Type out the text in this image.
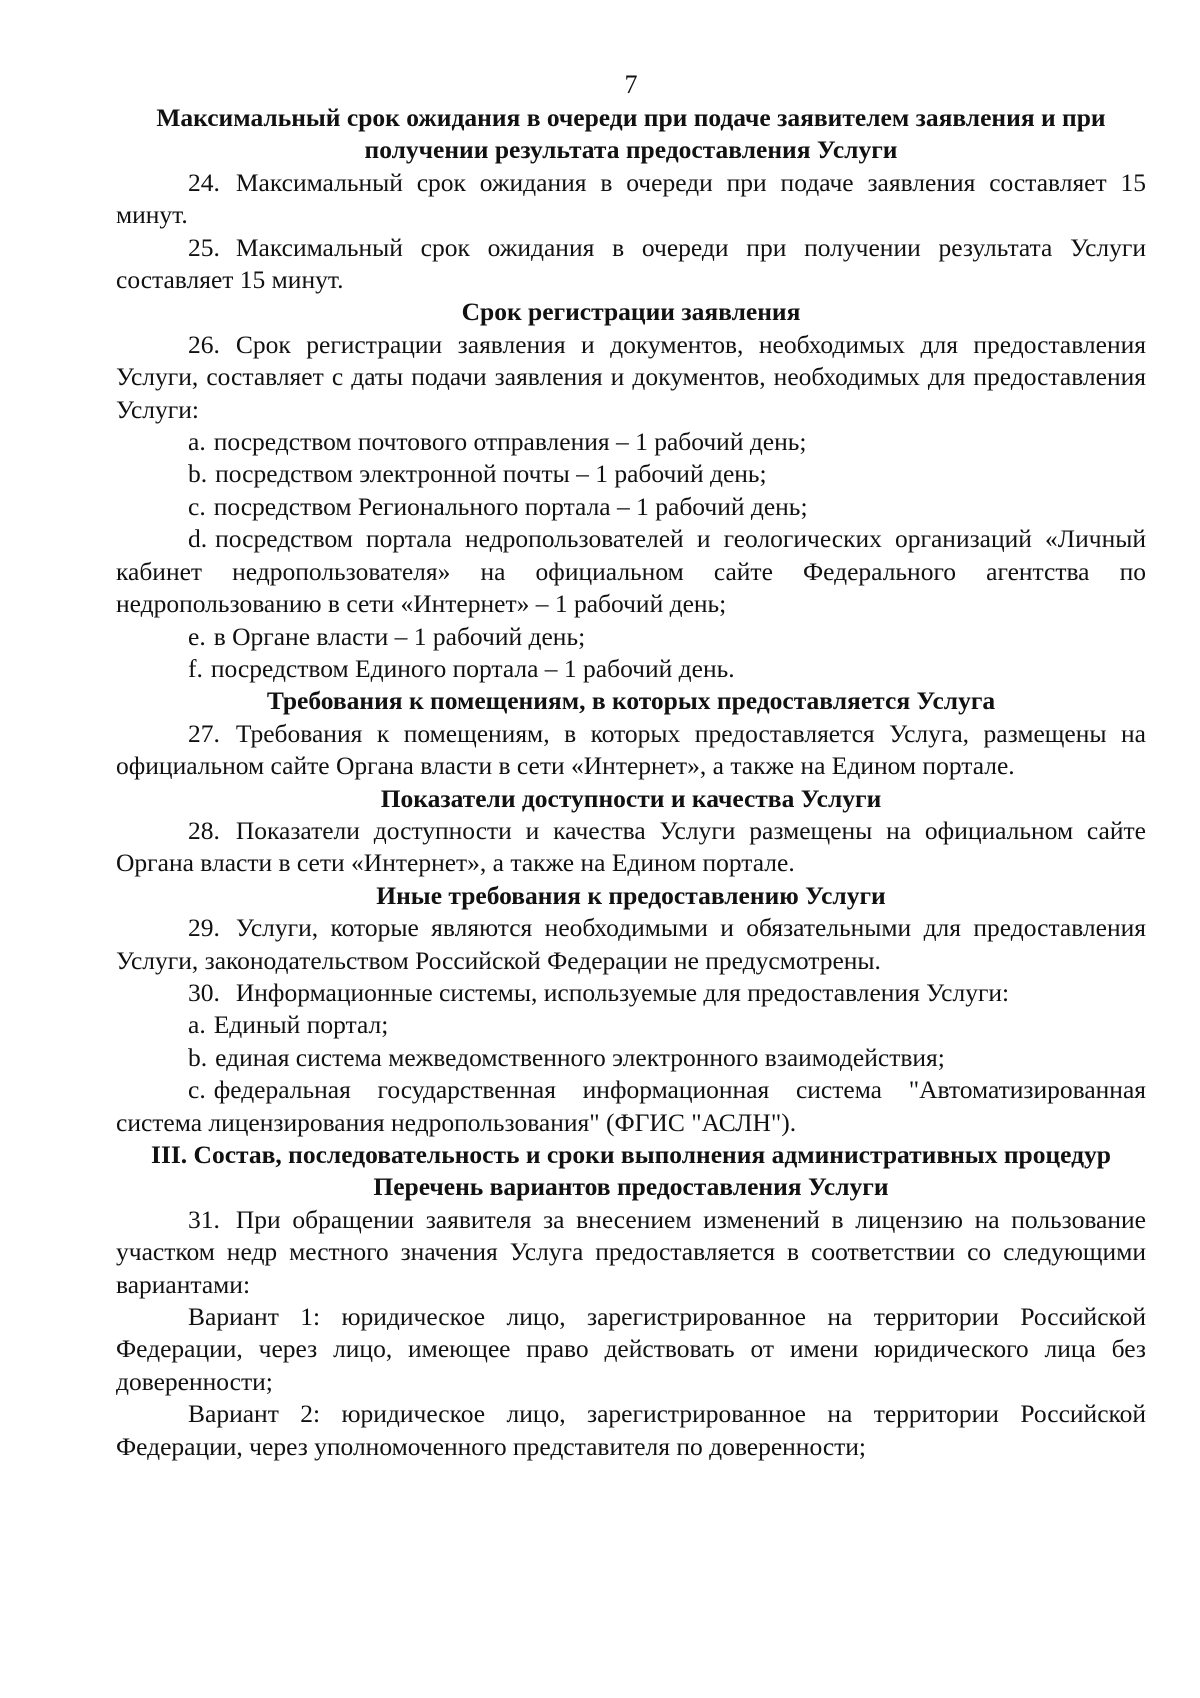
7

Максимальный срок ожидания в очереди при подаче заявителем заявления и при получении результата предоставления Услуги

24. Максимальный срок ожидания в очереди при подаче заявления составляет 15 минут.

25. Максимальный срок ожидания в очереди при получении результата Услуги составляет 15 минут.

Срок регистрации заявления

26. Срок регистрации заявления и документов, необходимых для предоставления Услуги, составляет с даты подачи заявления и документов, необходимых для предоставления Услуги:

a. посредством почтового отправления – 1 рабочий день;

b. посредством электронной почты – 1 рабочий день;

c. посредством Регионального портала – 1 рабочий день;

d. посредством портала недропользователей и геологических организаций «Личный кабинет недропользователя» на официальном сайте Федерального агентства по недропользованию в сети «Интернет» – 1 рабочий день;

e. в Органе власти – 1 рабочий день;

f. посредством Единого портала – 1 рабочий день.

Требования к помещениям, в которых предоставляется Услуга

27. Требования к помещениям, в которых предоставляется Услуга, размещены на официальном сайте Органа власти в сети «Интернет», а также на Едином портале.

Показатели доступности и качества Услуги

28. Показатели доступности и качества Услуги размещены на официальном сайте Органа власти в сети «Интернет», а также на Едином портале.

Иные требования к предоставлению Услуги

29. Услуги, которые являются необходимыми и обязательными для предоставления Услуги, законодательством Российской Федерации не предусмотрены.

30. Информационные системы, используемые для предоставления Услуги:

a. Единый портал;

b. единая система межведомственного электронного взаимодействия;

c. федеральная государственная информационная система "Автоматизированная система лицензирования недропользования" (ФГИС "АСЛН").

III. Состав, последовательность и сроки выполнения административных процедур

Перечень вариантов предоставления Услуги

31. При обращении заявителя за внесением изменений в лицензию на пользование участком недр местного значения Услуга предоставляется в соответствии со следующими вариантами:

Вариант 1: юридическое лицо, зарегистрированное на территории Российской Федерации, через лицо, имеющее право действовать от имени юридического лица без доверенности;

Вариант 2: юридическое лицо, зарегистрированное на территории Российской Федерации, через уполномоченного представителя по доверенности;
